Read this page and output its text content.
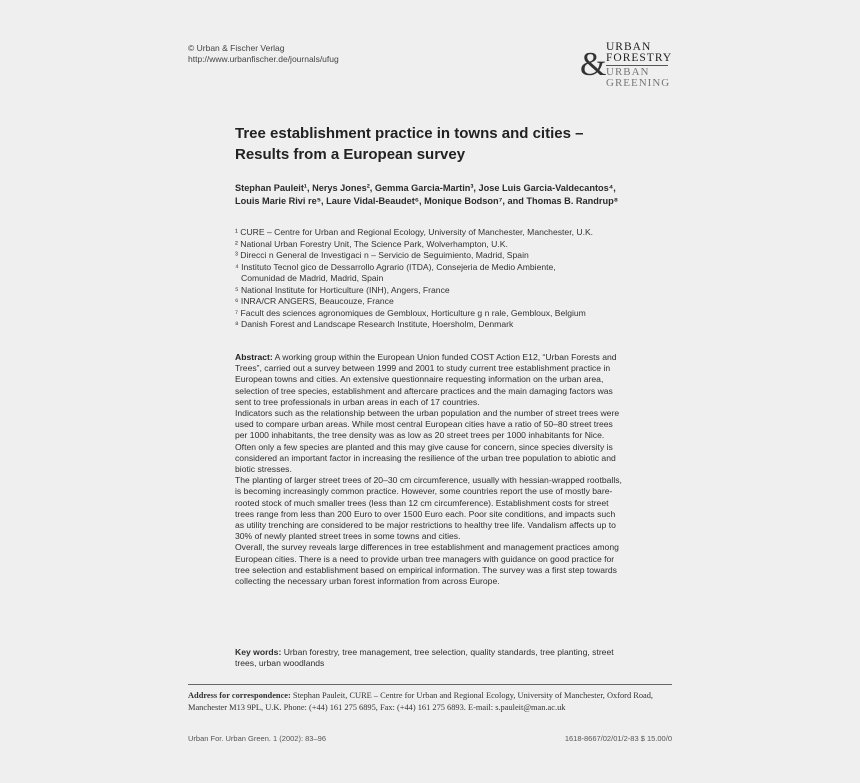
© Urban & Fischer Verlag
http://www.urbanfischer.de/journals/ufug	& URBAN
FORESTRY
URBAN
GREENING
Tree establishment practice in towns and cities –
Results from a European survey
Stephan Pauleit¹, Nerys Jones², Gemma Garcia-Martin³, Jose Luis Garcia-Valdecantos⁴,
Louis Marie Rivi re⁵, Laure Vidal-Beaudet⁶, Monique Bodson⁷, and Thomas B. Randrup⁸
¹ CURE – Centre for Urban and Regional Ecology, University of Manchester, Manchester, U.K.
² National Urban Forestry Unit, The Science Park, Wolverhampton, U.K.
³ Direcci n General de Investigaci n – Servicio de Seguimiento, Madrid, Spain
⁴ Instituto Tecnol gico de Dessarrollo Agrario (ITDA), Consejeria de Medio Ambiente,
Comunidad de Madrid, Madrid, Spain
⁵ National Institute for Horticulture (INH), Angers, France
⁶ INRA/CR ANGERS, Beaucouze, France
⁷ Facult des sciences agronomiques de Gembloux, Horticulture g n rale, Gembloux, Belgium
⁸ Danish Forest and Landscape Research Institute, Hoersholm, Denmark

Abstract: A working group within the European Union funded COST Action E12, “Urban Forests and Trees”, carried out a survey between 1999 and 2001 to study current tree establishment practice in European towns and cities. An extensive questionnaire requesting information on the urban area, selection of tree species, establishment and aftercare practices and the main damaging factors was sent to tree professionals in urban areas in each of 17 countries.

Indicators such as the relationship between the urban population and the number of street trees were used to compare urban areas. While most central European cities have a ratio of 50–80 street trees per 1000 inhabitants, the tree density was as low as 20 street trees per 1000 inhabitants for Nice. Often only a few species are planted and this may give cause for concern, since species diversity is considered an important factor in increasing the resilience of the urban tree population to abiotic and biotic stresses.

The planting of larger street trees of 20–30 cm circumference, usually with hessian-wrapped rootballs, is becoming increasingly common practice. However, some countries report the use of mostly bare-rooted stock of much smaller trees (less than 12 cm circumference). Establishment costs for street trees range from less than 200 Euro to over 1500 Euro each. Poor site conditions, and impacts such as utility trenching are considered to be major restrictions to healthy tree life. Vandalism affects up to 30% of newly planted street trees in some towns and cities.

Overall, the survey reveals large differences in tree establishment and management practices among European cities. There is a need to provide urban tree managers with guidance on good practice for tree selection and establishment based on empirical information. The survey was a first step towards collecting the necessary urban forest information from across Europe.

Key words: Urban forestry, tree management, tree selection, quality standards, tree planting, street trees, urban woodlands
Address for correspondence: Stephan Pauleit, CURE – Centre for Urban and Regional Ecology, University of Manchester, Oxford Road, Manchester M13 9PL, U.K. Phone: (+44) 161 275 6895, Fax: (+44) 161 275 6893. E-mail: s.pauleit@man.ac.uk
Urban For. Urban Green. 1 (2002): 83–96	1618-8667/02/01/2-83 $ 15.00/0
